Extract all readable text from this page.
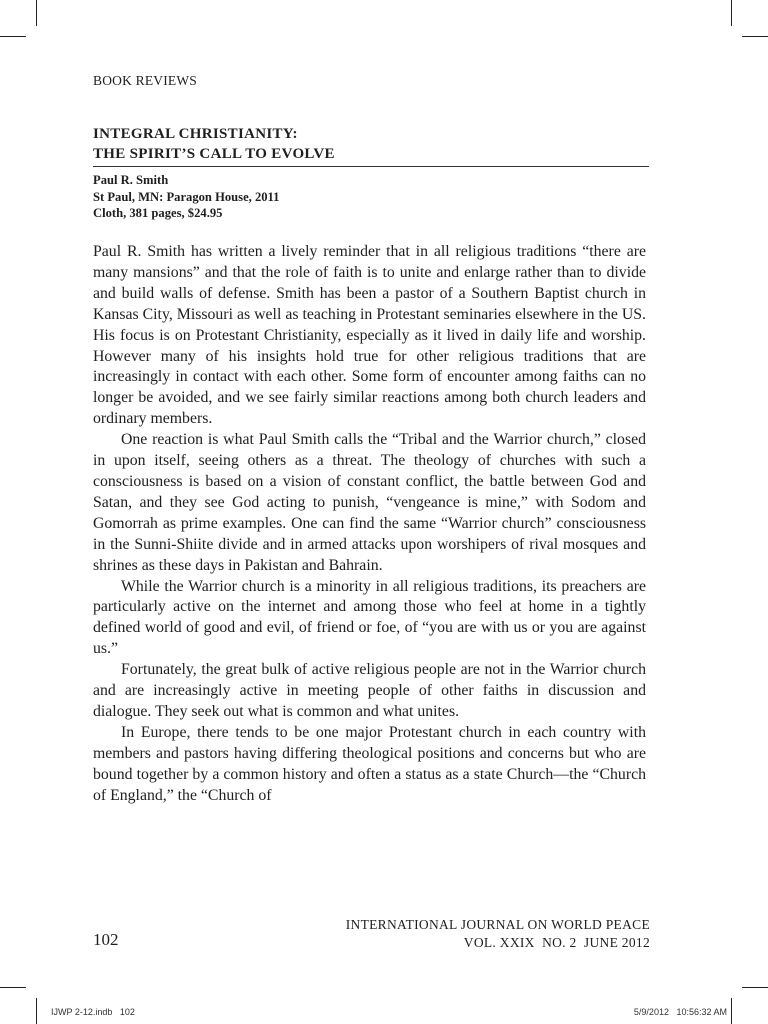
BOOK REVIEWS
INTEGRAL CHRISTIANITY:
THE SPIRIT’S CALL TO EVOLVE
Paul R. Smith
St Paul, MN: Paragon House, 2011
Cloth, 381 pages, $24.95

Paul R. Smith has written a lively reminder that in all religious traditions “there are many mansions” and that the role of faith is to unite and enlarge rather than to divide and build walls of defense. Smith has been a pastor of a Southern Baptist church in Kansas City, Missouri as well as teaching in Protestant seminaries elsewhere in the US. His focus is on Protestant Christianity, especially as it lived in daily life and worship. However many of his insights hold true for other religious traditions that are increasingly in contact with each other. Some form of encounter among faiths can no longer be avoided, and we see fairly similar reactions among both church leaders and ordinary members.

One reaction is what Paul Smith calls the “Tribal and the Warrior church,” closed in upon itself, seeing others as a threat. The theology of churches with such a consciousness is based on a vision of constant conflict, the battle between God and Satan, and they see God acting to punish, “vengeance is mine,” with Sodom and Gomorrah as prime examples. One can find the same “Warrior church” consciousness in the Sunni-Shiite divide and in armed attacks upon worshipers of rival mosques and shrines as these days in Pakistan and Bahrain.

While the Warrior church is a minority in all religious traditions, its preachers are particularly active on the internet and among those who feel at home in a tightly defined world of good and evil, of friend or foe, of “you are with us or you are against us.”

Fortunately, the great bulk of active religious people are not in the Warrior church and are increasingly active in meeting people of other faiths in discussion and dialogue. They seek out what is common and what unites.

In Europe, there tends to be one major Protestant church in each country with members and pastors having differing theological positions and concerns but who are bound together by a common history and often a status as a state Church—the “Church of England,” the “Church of

INTERNATIONAL JOURNAL ON WORLD PEACE
VOL. XXIX  NO. 2  JUNE 2012
102
IJWP 2-12.indb   102	5/9/2012   10:56:32 AM
